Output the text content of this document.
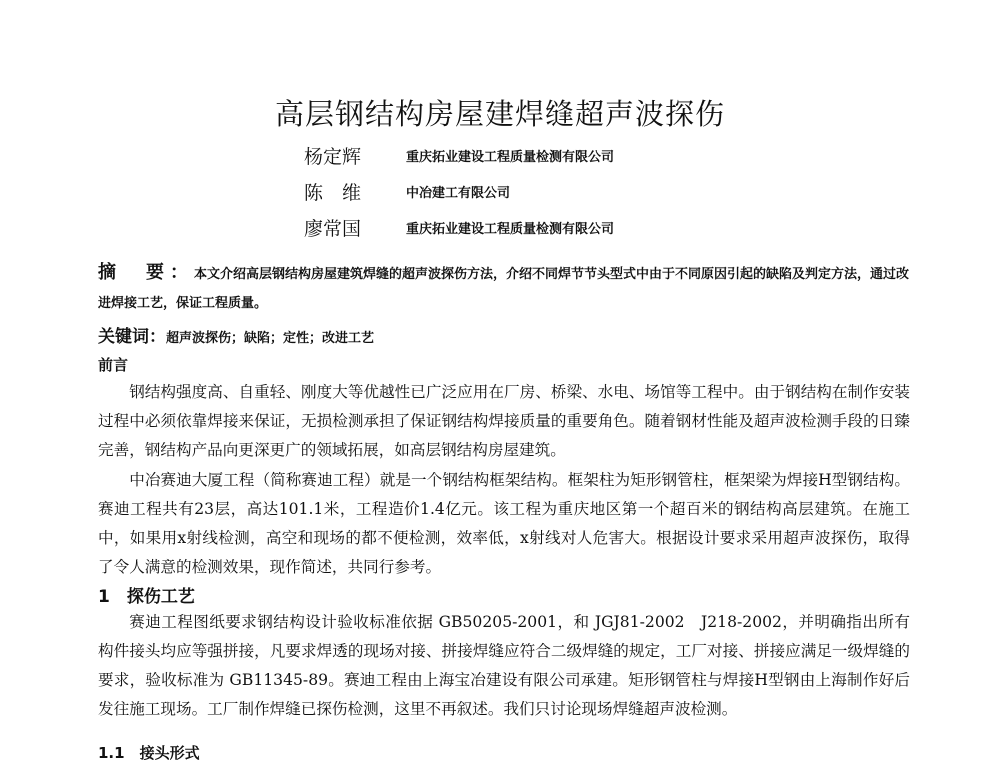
高层钢结构房屋建焊缝超声波探伤
杨定辉	重庆拓业建设工程质量检测有限公司
陈　维	中冶建工有限公司
廖常国	重庆拓业建设工程质量检测有限公司
摘　要：本文介绍高层钢结构房屋建筑焊缝的超声波探伤方法，介绍不同焊节节头型式中由于不同原因引起的缺陷及判定方法，通过改进焊接工艺，保证工程质量。
关键词：超声波探伤；缺陷；定性；改进工艺
前言

钢结构强度高、自重轻、刚度大等优越性已广泛应用在厂房、桥梁、水电、场馆等工程中。由于钢结构在制作安装过程中必须依靠焊接来保证，无损检测承担了保证钢结构焊接质量的重要角色。随着钢材性能及超声波检测手段的日臻完善，钢结构产品向更深更广的领域拓展，如高层钢结构房屋建筑。

中冶赛迪大厦工程（简称赛迪工程）就是一个钢结构框架结构。框架柱为矩形钢管柱，框架梁为焊接H型钢结构。赛迪工程共有23层，高达101.1米，工程造价1.4亿元。该工程为重庆地区第一个超百米的钢结构高层建筑。在施工中，如果用x射线检测，高空和现场的都不便检测，效率低，x射线对人危害大。根据设计要求采用超声波探伤，取得了令人满意的检测效果，现作简述，共同行参考。

1　探伤工艺

赛迪工程图纸要求钢结构设计验收标准依据 GB50205-2001，和 JGJ81-2002　J218-2002，并明确指出所有构件接头均应等强拼接，凡要求焊透的现场对接、拼接焊缝应符合二级焊缝的规定，工厂对接、拼接应满足一级焊缝的要求，验收标准为 GB11345-89。赛迪工程由上海宝冶建设有限公司承建。矩形钢管柱与焊接H型钢由上海制作好后发往施工现场。工厂制作焊缝已探伤检测，这里不再叙述。我们只讨论现场焊缝超声波检测。

1.1　接头形式
